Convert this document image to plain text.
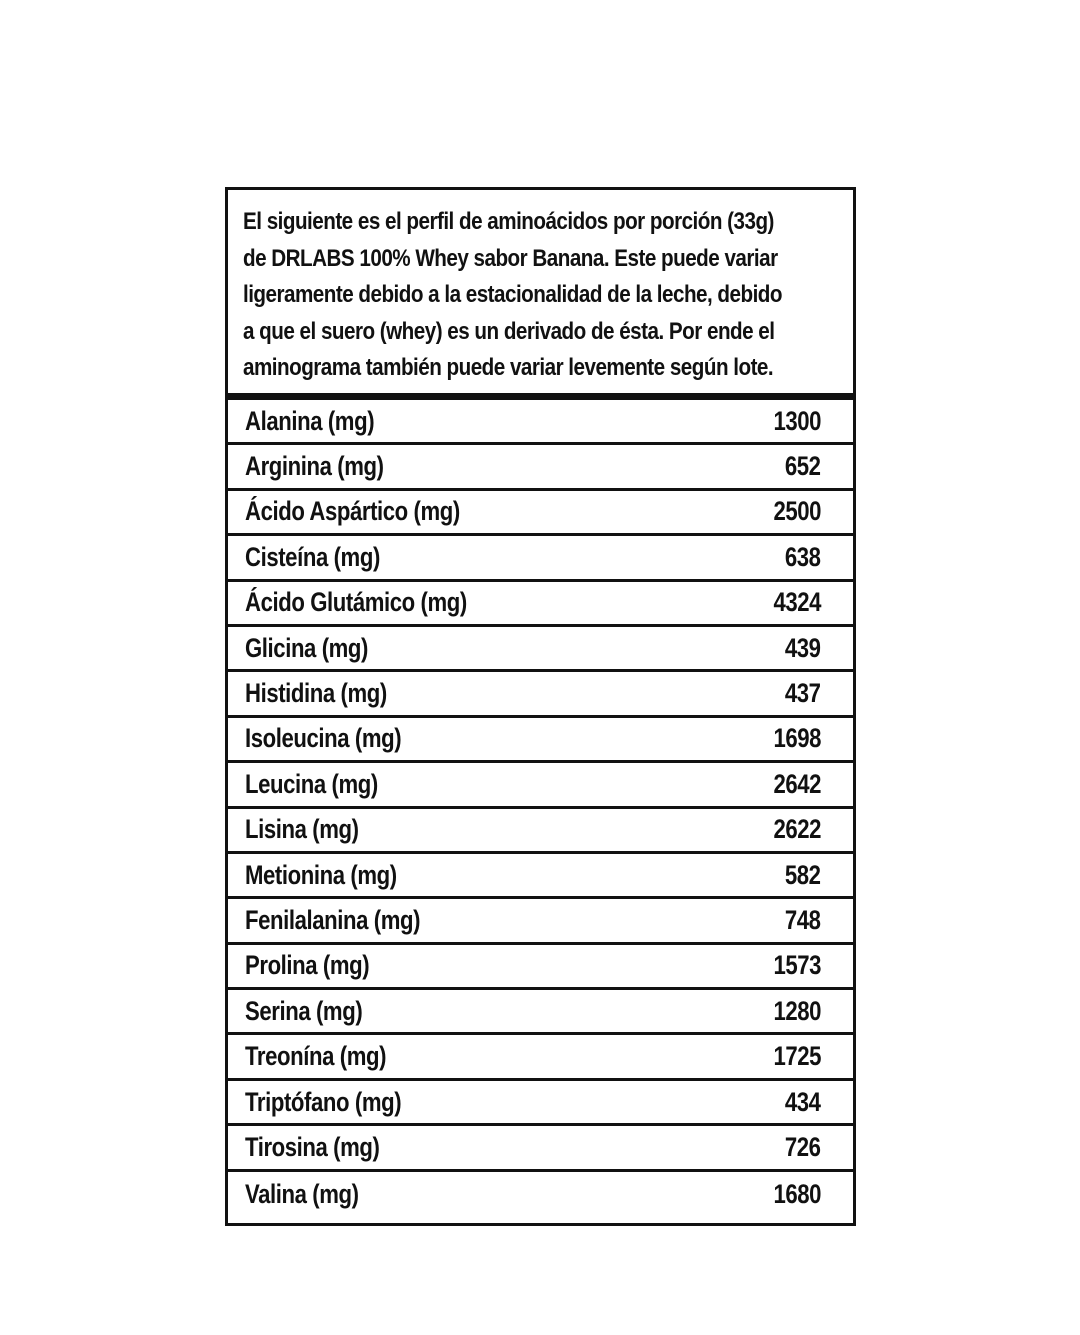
El siguiente es el perfil de aminoácidos por porción (33g)
de DRLABS 100% Whey sabor Banana. Este puede variar
ligeramente debido a la estacionalidad de la leche, debido
a que el suero (whey) es un derivado de ésta. Por ende el
aminograma también puede variar levemente según lote.

Alanina (mg)	1300
Arginina (mg)	652
Ácido Aspártico (mg)	2500
Cisteína (mg)	638
Ácido Glutámico (mg)	4324
Glicina (mg)	439
Histidina (mg)	437
Isoleucina (mg)	1698
Leucina (mg)	2642
Lisina (mg)	2622
Metionina (mg)	582
Fenilalanina (mg)	748
Prolina (mg)	1573
Serina (mg)	1280
Treonína (mg)	1725
Triptófano (mg)	434
Tirosina (mg)	726
Valina (mg)	1680
